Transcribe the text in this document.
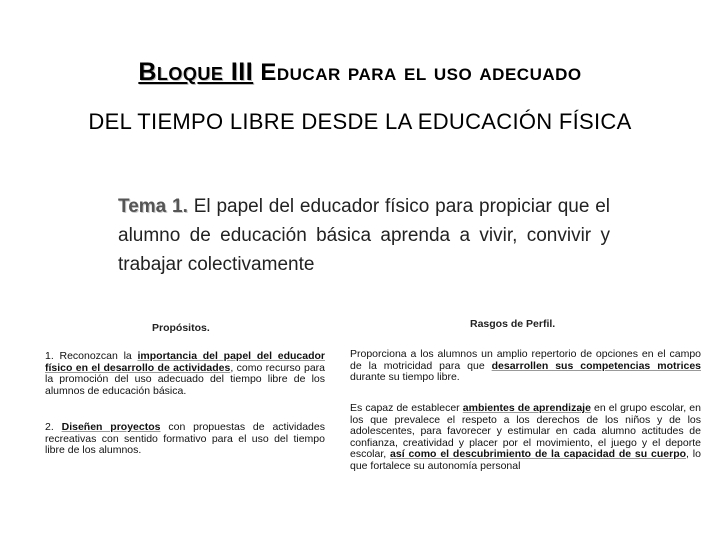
Bloque III Educar para el uso adecuado
DEL TIEMPO LIBRE DESDE LA EDUCACIÓN FÍSICA
Tema 1. El papel del educador físico para propiciar que el alumno de educación básica aprenda a vivir, convivir y trabajar colectivamente
Propósitos.
1. Reconozcan la importancia del papel del educador físico en el desarrollo de actividades, como recurso para la promoción del uso adecuado del tiempo libre de los alumnos de educación básica.
2. Diseñen proyectos con propuestas de actividades recreativas con sentido formativo para el uso del tiempo libre de los alumnos.
Rasgos de Perfil.
Proporciona a los alumnos un amplio repertorio de opciones en el campo de la motricidad para que desarrollen sus competencias motrices durante su tiempo libre.
Es capaz de establecer ambientes de aprendizaje en el grupo escolar, en los que prevalece el respeto a los derechos de los niños y de los adolescentes, para favorecer y estimular en cada alumno actitudes de confianza, creatividad y placer por el movimiento, el juego y el deporte escolar, así como el descubrimiento de la capacidad de su cuerpo, lo que fortalece su autonomía personal
